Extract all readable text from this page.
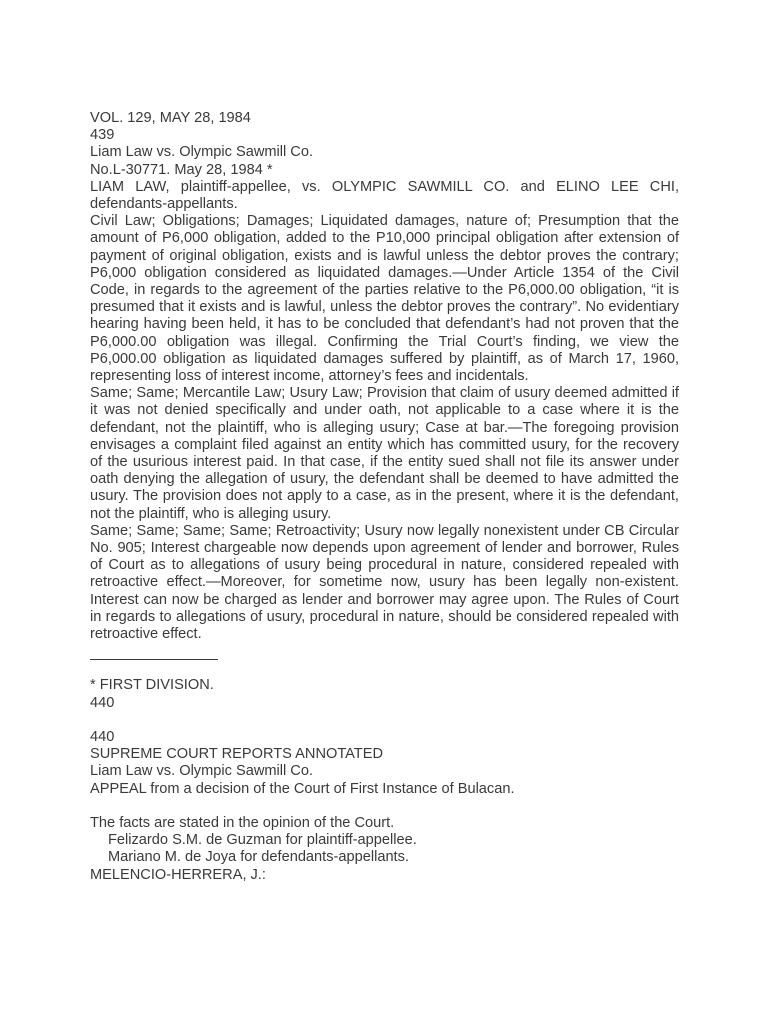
VOL. 129, MAY 28, 1984
439
Liam Law vs. Olympic Sawmill Co.
No.L-30771. May 28, 1984 *
LIAM LAW, plaintiff-appellee, vs. OLYMPIC SAWMILL CO. and ELINO LEE CHI, defendants-appellants.
Civil Law; Obligations; Damages; Liquidated damages, nature of; Presumption that the amount of P6,000 obligation, added to the P10,000 principal obligation after extension of payment of original obligation, exists and is lawful unless the debtor proves the contrary; P6,000 obligation considered as liquidated damages.—Under Article 1354 of the Civil Code, in regards to the agreement of the parties relative to the P6,000.00 obligation, “it is presumed that it exists and is lawful, unless the debtor proves the contrary”. No evidentiary hearing having been held, it has to be concluded that defendant’s had not proven that the P6,000.00 obligation was illegal. Confirming the Trial Court’s finding, we view the P6,000.00 obligation as liquidated damages suffered by plaintiff, as of March 17, 1960, representing loss of interest income, attorney’s fees and incidentals.
Same; Same; Mercantile Law; Usury Law; Provision that claim of usury deemed admitted if it was not denied specifically and under oath, not applicable to a case where it is the defendant, not the plaintiff, who is alleging usury; Case at bar.—The foregoing provision envisages a complaint filed against an entity which has committed usury, for the recovery of the usurious interest paid. In that case, if the entity sued shall not file its answer under oath denying the allegation of usury, the defendant shall be deemed to have admitted the usury. The provision does not apply to a case, as in the present, where it is the defendant, not the plaintiff, who is alleging usury.
Same; Same; Same; Same; Retroactivity; Usury now legally nonexistent under CB Circular No. 905; Interest chargeable now depends upon agreement of lender and borrower, Rules of Court as to allegations of usury being procedural in nature, considered repealed with retroactive effect.—Moreover, for sometime now, usury has been legally non-existent. Interest can now be charged as lender and borrower may agree upon. The Rules of Court in regards to allegations of usury, procedural in nature, should be considered repealed with retroactive effect.
* FIRST DIVISION.
440
440
SUPREME COURT REPORTS ANNOTATED
Liam Law vs. Olympic Sawmill Co.
APPEAL from a decision of the Court of First Instance of Bulacan.
The facts are stated in the opinion of the Court.
Felizardo S.M. de Guzman for plaintiff-appellee.
Mariano M. de Joya for defendants-appellants.
MELENCIO-HERRERA, J.:
